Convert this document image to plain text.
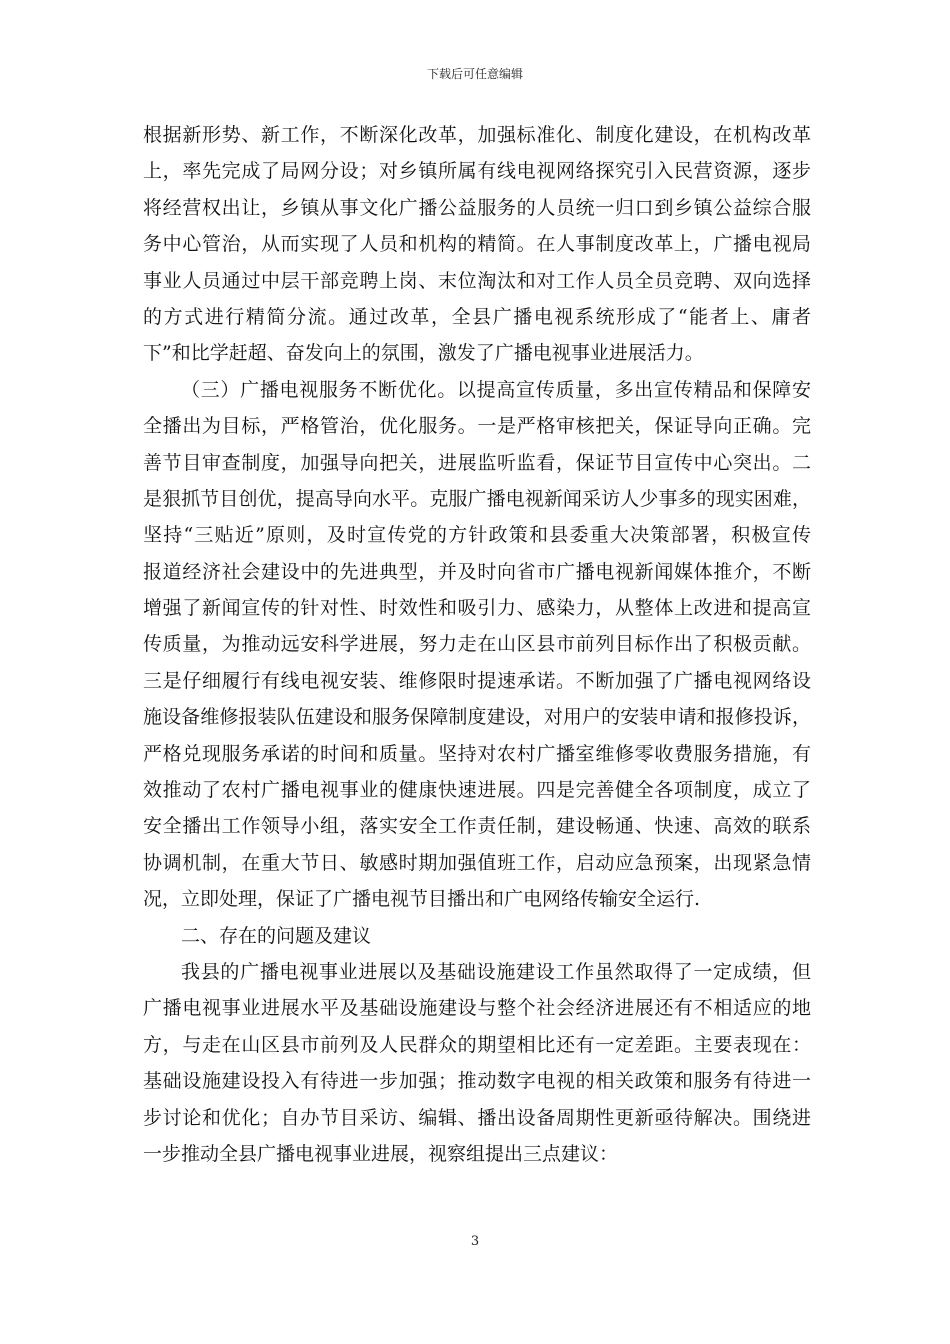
下载后可任意编辑
根据新形势、新工作，不断深化改革，加强标准化、制度化建设，在机构改革
上，率先完成了局网分设；对乡镇所属有线电视网络探究引入民营资源，逐步
将经营权出让，乡镇从事文化广播公益服务的人员统一归口到乡镇公益综合服
务中心管治，从而实现了人员和机构的精简。在人事制度改革上，广播电视局
事业人员通过中层干部竞聘上岗、末位淘汰和对工作人员全员竞聘、双向选择
的方式进行精简分流。通过改革，全县广播电视系统形成了“能者上、庸者
下”和比学赶超、奋发向上的氛围，激发了广播电视事业进展活力。
（三）广播电视服务不断优化。以提高宣传质量，多出宣传精品和保障安
全播出为目标，严格管治，优化服务。一是严格审核把关，保证导向正确。完
善节目审查制度，加强导向把关，进展监听监看，保证节目宣传中心突出。二
是狠抓节目创优，提高导向水平。克服广播电视新闻采访人少事多的现实困难，
坚持“三贴近”原则，及时宣传党的方针政策和县委重大决策部署，积极宣传
报道经济社会建设中的先进典型，并及时向省市广播电视新闻媒体推介，不断
增强了新闻宣传的针对性、时效性和吸引力、感染力，从整体上改进和提高宣
传质量，为推动远安科学进展，努力走在山区县市前列目标作出了积极贡献。
三是仔细履行有线电视安装、维修限时提速承诺。不断加强了广播电视网络设
施设备维修报装队伍建设和服务保障制度建设，对用户的安装申请和报修投诉，
严格兑现服务承诺的时间和质量。坚持对农村广播室维修零收费服务措施，有
效推动了农村广播电视事业的健康快速进展。四是完善健全各项制度，成立了
安全播出工作领导小组，落实安全工作责任制，建设畅通、快速、高效的联系
协调机制，在重大节日、敏感时期加强值班工作，启动应急预案，出现紧急情
况，立即处理，保证了广播电视节目播出和广电网络传输安全运行.
二、存在的问题及建议
我县的广播电视事业进展以及基础设施建设工作虽然取得了一定成绩，但
广播电视事业进展水平及基础设施建设与整个社会经济进展还有不相适应的地
方，与走在山区县市前列及人民群众的期望相比还有一定差距。主要表现在：
基础设施建设投入有待进一步加强；推动数字电视的相关政策和服务有待进一
步讨论和优化；自办节目采访、编辑、播出设备周期性更新亟待解决。围绕进
一步推动全县广播电视事业进展，视察组提出三点建议：
3
